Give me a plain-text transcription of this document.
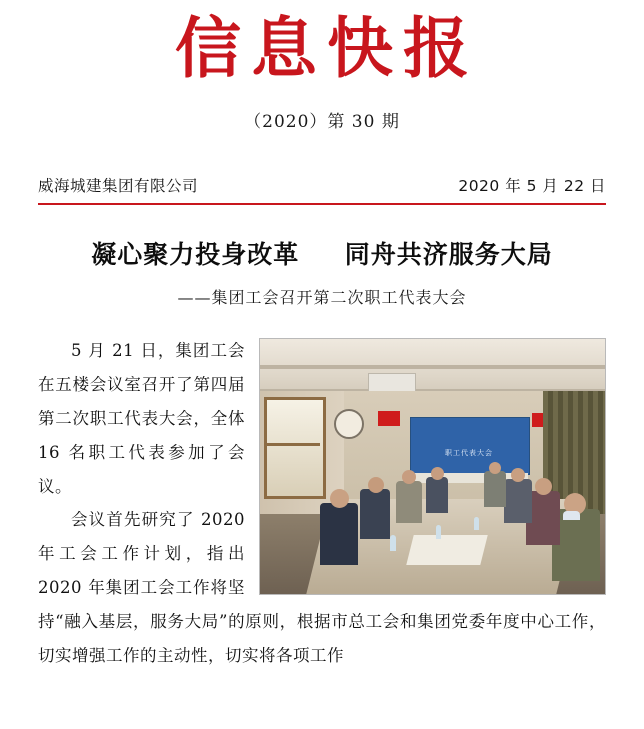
信息快报
（2020）第 30 期
威海城建集团有限公司	2020 年 5 月 22 日
凝心聚力投身改革 同舟共济服务大局
——集团工会召开第二次职工代表大会
职工代表大会

5 月 21 日，集团工会在五楼会议室召开了第四届第二次职工代表大会，全体 16 名职工代表参加了会议。

会议首先研究了 2020 年工会工作计划，指出 2020 年集团工会工作将坚持“融入基层，服务大局”的原则，根据市总工会和集团党委年度中心工作，切实增强工作的主动性，切实将各项工作
